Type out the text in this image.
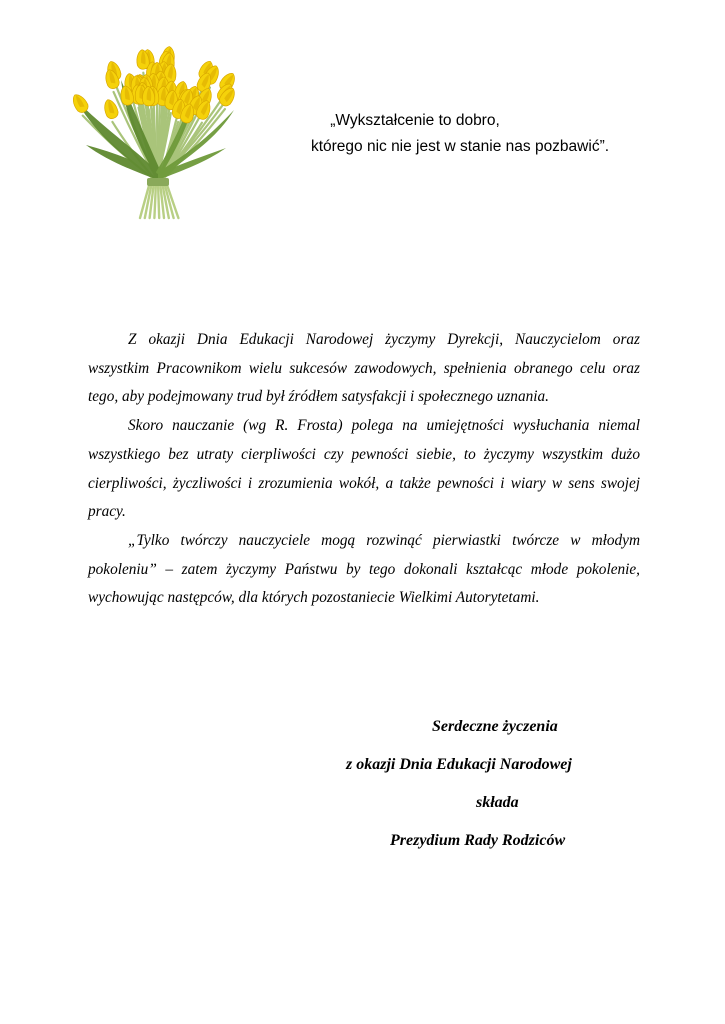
„Wykształcenie to dobro,
którego nic nie jest w stanie nas pozbawić”.

Z okazji Dnia Edukacji Narodowej życzymy Dyrekcji, Nauczycielom oraz wszystkim Pracownikom wielu sukcesów zawodowych, spełnienia obranego celu oraz tego, aby podejmowany trud był źródłem satysfakcji i społecznego uznania.

Skoro nauczanie (wg R. Frosta) polega na umiejętności wysłuchania niemal wszystkiego bez utraty cierpliwości czy pewności siebie, to życzymy wszystkim dużo cierpliwości, życzliwości i zrozumienia wokół, a także pewności i wiary w sens swojej pracy.

„Tylko twórczy nauczyciele mogą rozwinąć pierwiastki twórcze w młodym pokoleniu” – zatem życzymy Państwu by tego dokonali kształcąc młode pokolenie, wychowując następców, dla których pozostaniecie Wielkimi Autorytetami.

Serdeczne życzenia
z okazji Dnia Edukacji Narodowej
składa
Prezydium Rady Rodziców
